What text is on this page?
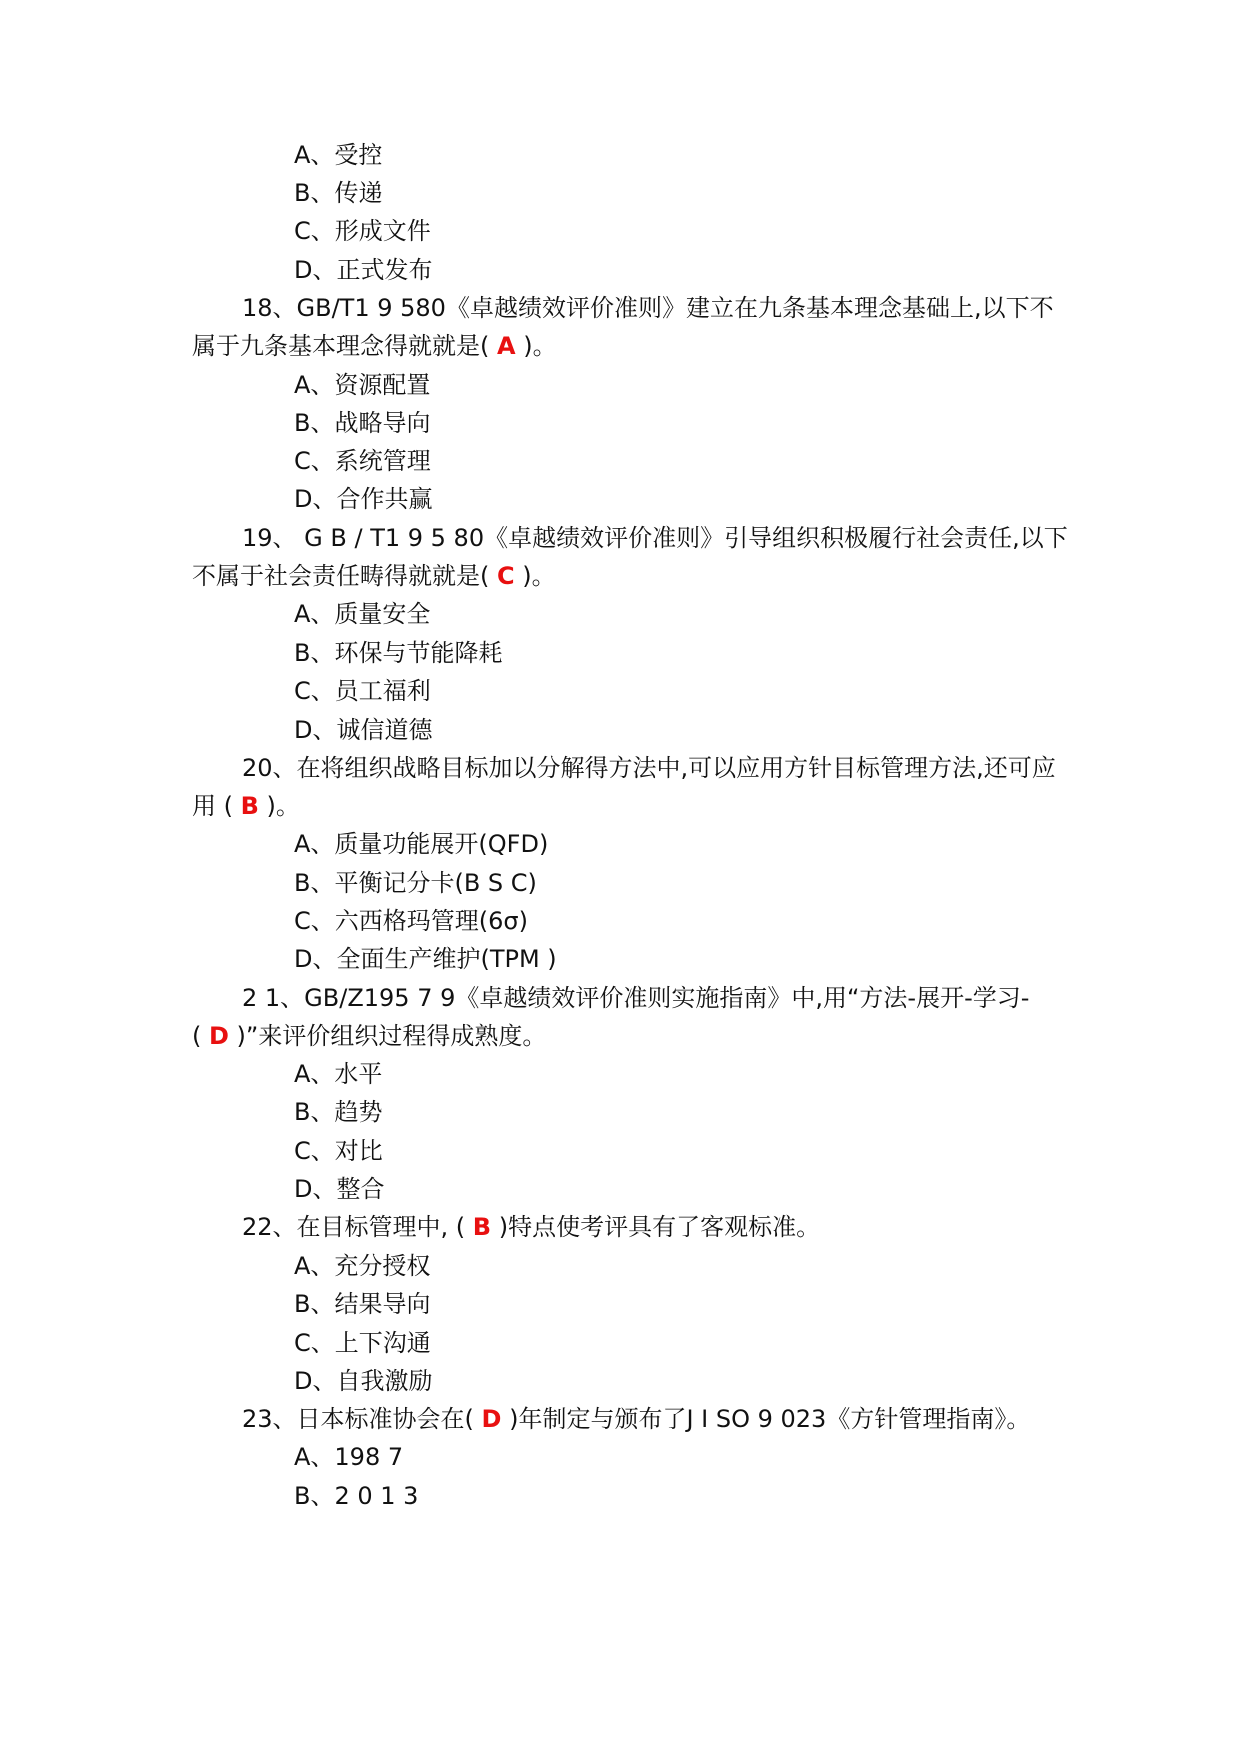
A、受控
B、传递
C、形成文件
D、正式发布
18、GB/T1 9 580《卓越绩效评价准则》建立在九条基本理念基础上,以下不
属于九条基本理念得就就是( A )。
A、资源配置
B、战略导向
C、系统管理
D、合作共赢
19、 G B / T1 9 5 80《卓越绩效评价准则》引导组织积极履行社会责任,以下
不属于社会责任畴得就就是( C )。
A、质量安全
B、环保与节能降耗
C、员工福利
D、诚信道德
20、在将组织战略目标加以分解得方法中,可以应用方针目标管理方法,还可应
用 ( B )。
A、质量功能展开(QFD)
B、平衡记分卡(B S C)
C、六西格玛管理(6σ)
D、全面生产维护(TPM )
2 1、GB/Z195 7 9《卓越绩效评价准则实施指南》中,用“方法-展开-学习-
( D )”来评价组织过程得成熟度。
A、水平
B、趋势
C、对比
D、整合
22、在目标管理中, ( B )特点使考评具有了客观标准。
A、充分授权
B、结果导向
C、上下沟通
D、自我激励
23、日本标准协会在( D )年制定与颁布了J I SO 9 023《方针管理指南》。
A、198 7
B、2 0 1 3
